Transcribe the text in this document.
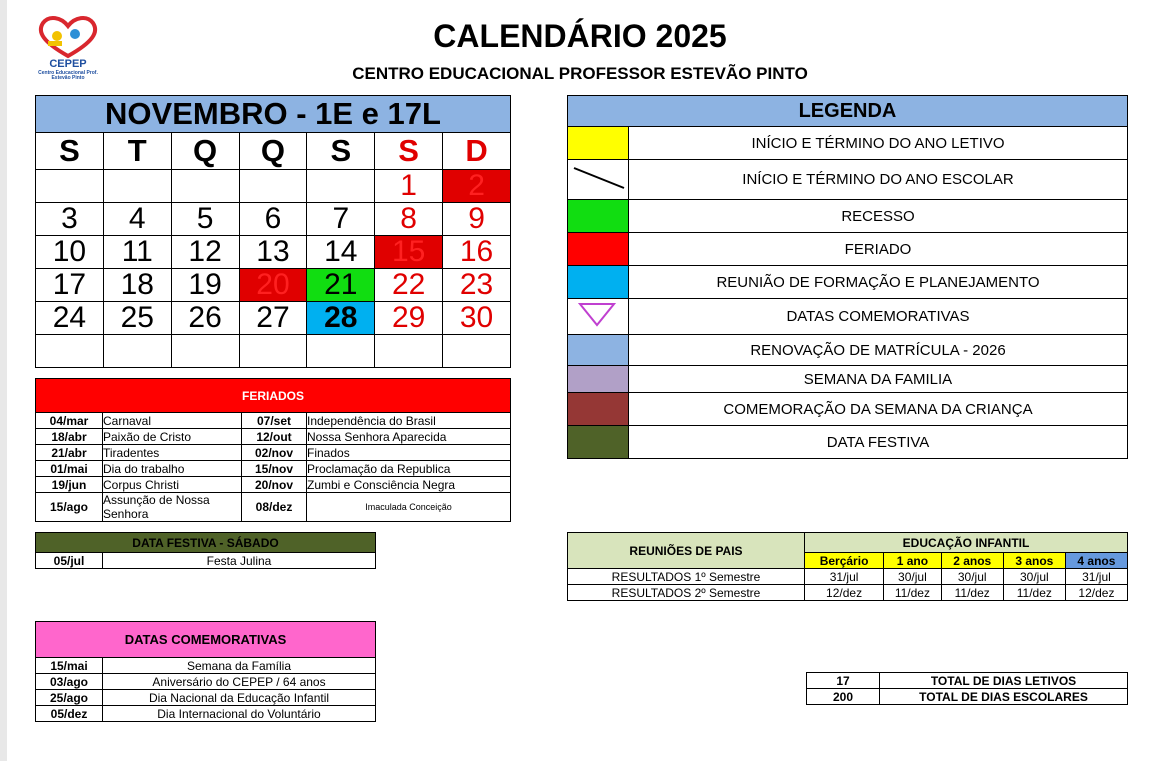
CEPEP
Centro Educacional Prof. Estevão Pinto
CALENDÁRIO 2025
CENTRO EDUCACIONAL PROFESSOR ESTEVÃO PINTO
NOVEMBRO - 1E e 17L						
S	T	Q	Q	S	S	D
					1	2
3	4	5	6	7	8	9
10	11	12	13	14	15	16
17	18	19	20	21	22	23
24	25	26	27	28	29	30

LEGENDA	
	INÍCIO E TÉRMINO DO ANO LETIVO
	INÍCIO E TÉRMINO DO ANO ESCOLAR
	RECESSO
	FERIADO
	REUNIÃO DE FORMAÇÃO E PLANEJAMENTO
	DATAS COMEMORATIVAS
	RENOVAÇÃO DE MATRÍCULA - 2026
	SEMANA DA FAMILIA
	COMEMORAÇÃO DA SEMANA DA CRIANÇA
	DATA FESTIVA
FERIADOS			
04/mar	Carnaval	07/set	Independência do Brasil
18/abr	Paixão de Cristo	12/out	Nossa Senhora Aparecida
21/abr	Tiradentes	02/nov	Finados
01/mai	Dia do trabalho	15/nov	Proclamação da Republica
19/jun	Corpus Christi	20/nov	Zumbi e Consciência Negra
15/ago	Assunção de Nossa Senhora	08/dez	Imaculada Conceição
DATA FESTIVA - SÁBADO
05/jul	Festa Julina
DATAS COMEMORATIVAS	
15/mai	Semana da Família
03/ago	Aniversário do CEPEP / 64 anos
25/ago	Dia Nacional da Educação Infantil
05/dez	Dia Internacional do Voluntário
REUNIÕES DE PAIS	EDUCAÇÃO INFANTIL				
	Berçário	1 ano	2 anos	3 anos	4 anos
RESULTADOS 1º Semestre	31/jul	30/jul	30/jul	30/jul	31/jul
RESULTADOS 2º Semestre	12/dez	11/dez	11/dez	11/dez	12/dez
17	TOTAL DE DIAS LETIVOS
200	TOTAL DE DIAS ESCOLARES
